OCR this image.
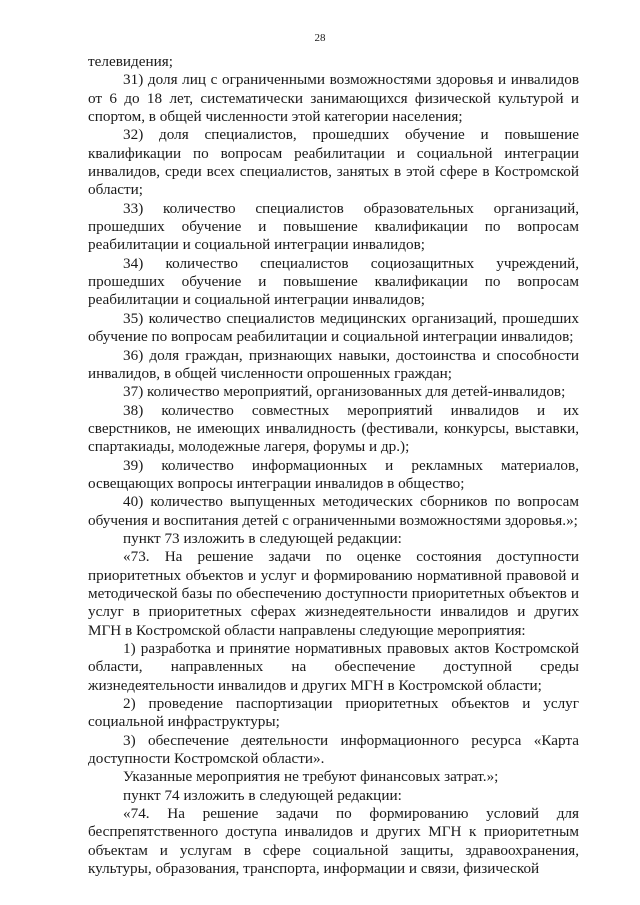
28

телевидения;

31) доля лиц с ограниченными возможностями здоровья и инвалидов от 6 до 18 лет, систематически занимающихся физической культурой и спортом, в общей численности этой категории населения;

32) доля специалистов, прошедших обучение и повышение квалификации по вопросам реабилитации и социальной интеграции инвалидов, среди всех специалистов, занятых в этой сфере в Костромской области;

33) количество специалистов образовательных организаций, прошедших обучение и повышение квалификации по вопросам реабилитации и социальной интеграции инвалидов;

34) количество специалистов социозащитных учреждений, прошедших обучение и повышение квалификации по вопросам реабилитации и социальной интеграции инвалидов;

35) количество специалистов медицинских организаций, прошедших обучение по вопросам реабилитации и социальной интеграции инвалидов;

36) доля граждан, признающих навыки, достоинства и способности инвалидов, в общей численности опрошенных граждан;

37) количество мероприятий, организованных для детей-инвалидов;

38) количество совместных мероприятий инвалидов и их сверстников, не имеющих инвалидность (фестивали, конкурсы, выставки, спартакиады, молодежные лагеря, форумы и др.);

39) количество информационных и рекламных материалов, освещающих вопросы интеграции инвалидов в общество;

40) количество выпущенных методических сборников по вопросам обучения и воспитания детей с ограниченными возможностями здоровья.»;

пункт 73 изложить в следующей редакции:

«73. На решение задачи по оценке состояния доступности приоритетных объектов и услуг и формированию нормативной правовой и методической базы по обеспечению доступности приоритетных объектов и услуг в приоритетных сферах жизнедеятельности инвалидов и других МГН в Костромской области направлены следующие мероприятия:

1) разработка и принятие нормативных правовых актов Костромской области, направленных на обеспечение доступной среды жизнедеятельности инвалидов и других МГН в Костромской области;

2) проведение паспортизации приоритетных объектов и услуг социальной инфраструктуры;

3) обеспечение деятельности информационного ресурса «Карта доступности Костромской области».

Указанные мероприятия не требуют финансовых затрат.»;

пункт 74 изложить в следующей редакции:

«74. На решение задачи по формированию условий для беспрепятственного доступа инвалидов и других МГН к приоритетным объектам и услугам в сфере социальной защиты, здравоохранения, культуры, образования, транспорта, информации и связи, физической
